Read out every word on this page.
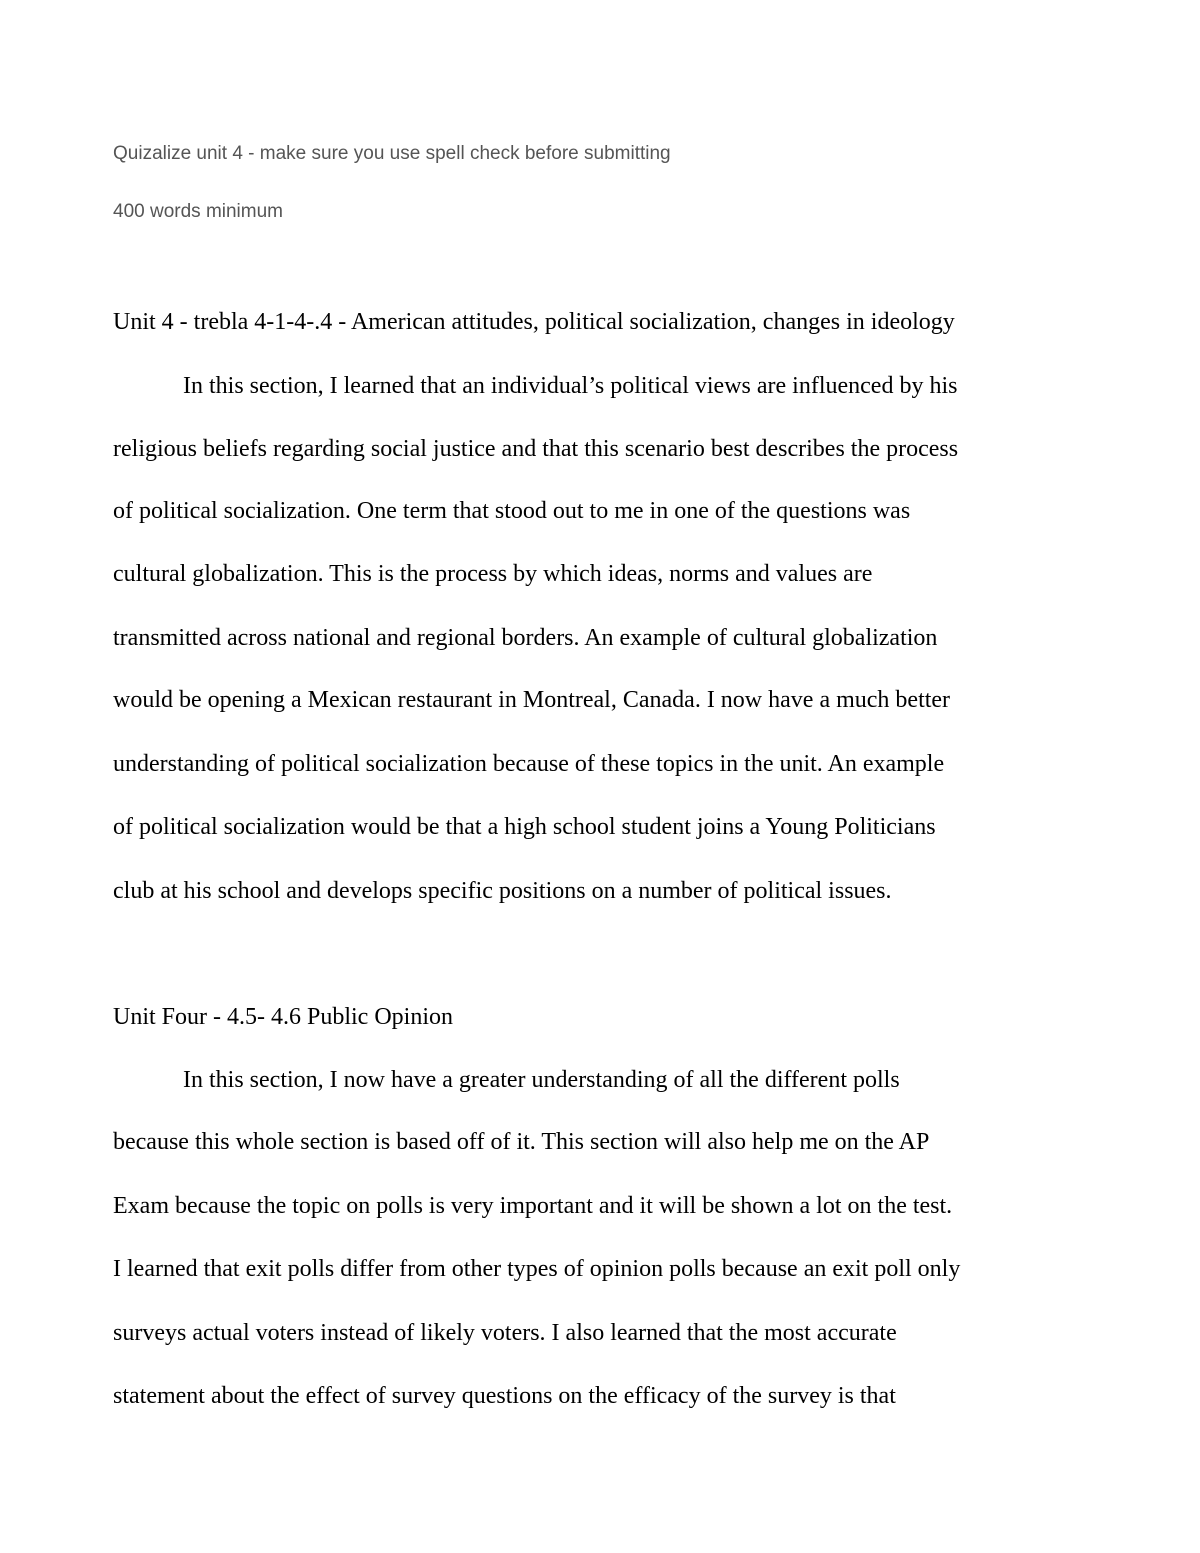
Quizalize unit 4 - make sure you use spell check before submitting
400 words minimum
Unit 4 - trebla 4-1-4-.4 - American attitudes, political socialization, changes in ideology
In this section, I learned that an individual’s political views are influenced by his
religious beliefs regarding social justice and that this scenario best describes the process
of political socialization. One term that stood out to me in one of the questions was
cultural globalization. This is the process by which ideas, norms and values are
transmitted across national and regional borders. An example of cultural globalization
would be opening a Mexican restaurant in Montreal, Canada. I now have a much better
understanding of political socialization because of these topics in the unit. An example
of political socialization would be that a high school student joins a Young Politicians
club at his school and develops specific positions on a number of political issues.
Unit Four - 4.5- 4.6 Public Opinion
In this section, I now have a greater understanding of all the different polls
because this whole section is based off of it. This section will also help me on the AP
Exam because the topic on polls is very important and it will be shown a lot on the test.
I learned that exit polls differ from other types of opinion polls because an exit poll only
surveys actual voters instead of likely voters. I also learned that the most accurate
statement about the effect of survey questions on the efficacy of the survey is that
